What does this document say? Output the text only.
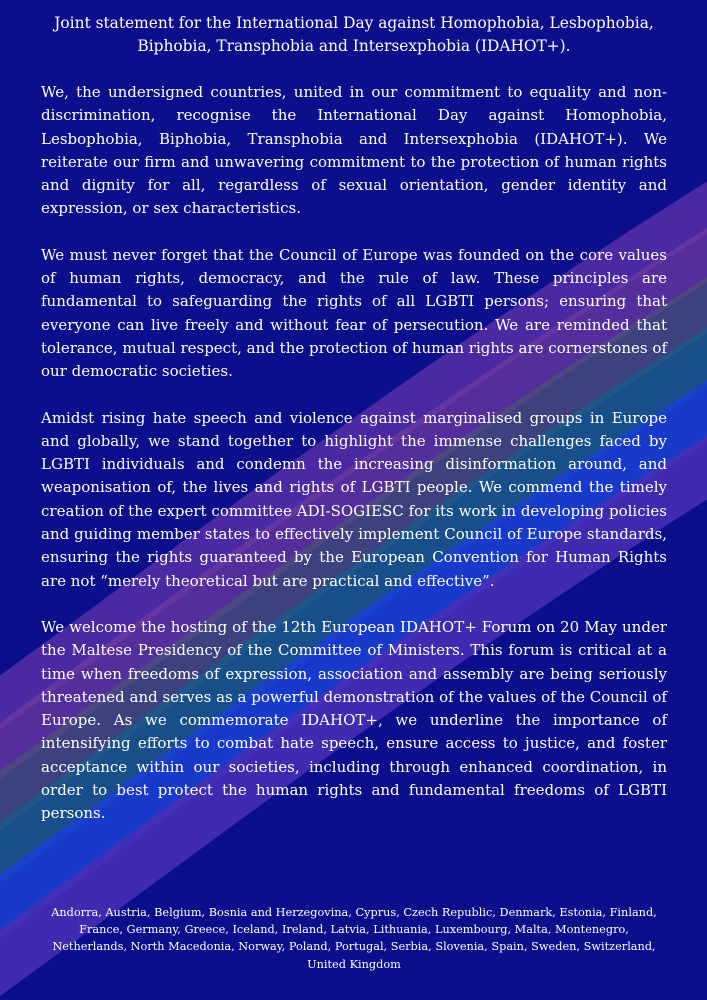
Joint statement for the International Day against Homophobia, Lesbophobia, Biphobia, Transphobia and Intersexphobia (IDAHOT+).

We, the undersigned countries, united in our commitment to equality and non-discrimination, recognise the International Day against Homophobia, Lesbophobia, Biphobia, Transphobia and Intersexphobia (IDAHOT+). We reiterate our firm and unwavering commitment to the protection of human rights and dignity for all, regardless of sexual orientation, gender identity and expression, or sex characteristics.

We must never forget that the Council of Europe was founded on the core values of human rights, democracy, and the rule of law. These principles are fundamental to safeguarding the rights of all LGBTI persons; ensuring that everyone can live freely and without fear of persecution. We are reminded that tolerance, mutual respect, and the protection of human rights are cornerstones of our democratic societies.

Amidst rising hate speech and violence against marginalised groups in Europe and globally, we stand together to highlight the immense challenges faced by LGBTI individuals and condemn the increasing disinformation around, and weaponisation of, the lives and rights of LGBTI people. We commend the timely creation of the expert committee ADI-SOGIESC for its work in developing policies and guiding member states to effectively implement Council of Europe standards, ensuring the rights guaranteed by the European Convention for Human Rights are not “merely theoretical but are practical and effective”.

We welcome the hosting of the 12th European IDAHOT+ Forum on 20 May under the Maltese Presidency of the Committee of Ministers. This forum is critical at a time when freedoms of expression, association and assembly are being seriously threatened and serves as a powerful demonstration of the values of the Council of Europe. As we commemorate IDAHOT+, we underline the importance of intensifying efforts to combat hate speech, ensure access to justice, and foster acceptance within our societies, including through enhanced coordination, in order to best protect the human rights and fundamental freedoms of LGBTI persons.

Andorra, Austria, Belgium, Bosnia and Herzegovina, Cyprus, Czech Republic, Denmark, Estonia, Finland, France, Germany, Greece, Iceland, Ireland, Latvia, Lithuania, Luxembourg, Malta, Montenegro, Netherlands, North Macedonia, Norway, Poland, Portugal, Serbia, Slovenia, Spain, Sweden, Switzerland, United Kingdom
